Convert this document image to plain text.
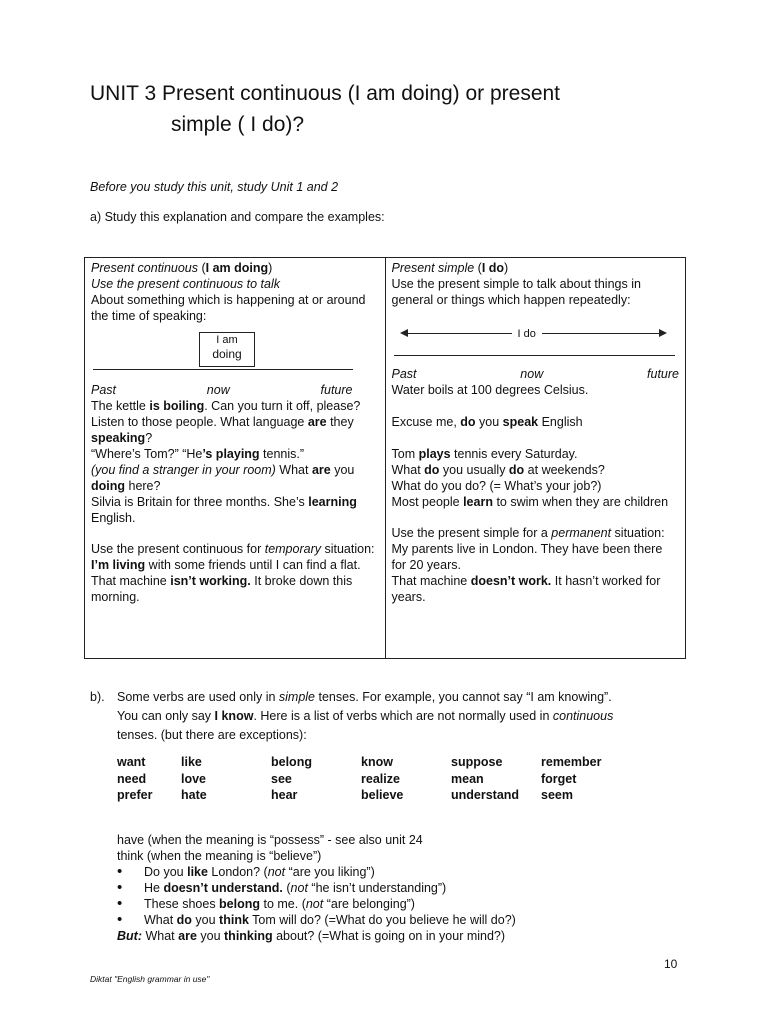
UNIT 3 Present continuous (I am doing) or present
simple ( I do)?
Before you study this unit, study Unit 1 and 2
a) Study this explanation and compare the examples:
Present continuous (I am doing)
Use the present continuous to talk
About something which is happening at or around the time of speaking:
I am
doing
Past	now	future
The kettle is boiling. Can you turn it off, please?
Listen to those people. What language are they speaking?
“Where’s Tom?” “He’s playing tennis.”
(you find a stranger in your room) What are you doing here?
Silvia is Britain for three months. She’s learning English.
Use the present continuous for temporary situation:
I’m living with some friends until I can find a flat.
That machine isn’t working. It broke down this morning.

Present simple (I do)
Use the present simple to talk about things in general or things which happen repeatedly:
I do
Past	now	future
Water boils at 100 degrees Celsius.
Excuse me, do you speak English
Tom plays tennis every Saturday.
What do you usually do at weekends?
What do you do? (= What’s your job?)
Most people learn to swim when they are children
Use the present simple for a permanent situation:
My parents live in London. They have been there for 20 years.
That machine doesn’t work. It hasn’t worked for years.
b). Some verbs are used only in simple tenses. For example, you cannot say “I am knowing”.
You can only say I know. Here is a list of verbs which are not normally used in continuous
tenses. (but there are exceptions):
want	like	belong	know	suppose	remember
need	love	see	realize	mean	forget
prefer	hate	hear	believe	understand	seem
have (when the meaning is “possess” - see also unit 24
think (when the meaning is “believe”)
• Do you like London? (not “are you liking”)
• He doesn’t understand. (not “he isn’t understanding”)
• These shoes belong to me. (not “are belonging”)
• What do you think Tom will do? (=What do you believe he will do?)
But: What are you thinking about? (=What is going on in your mind?)
10
Diktat "English grammar in use"
